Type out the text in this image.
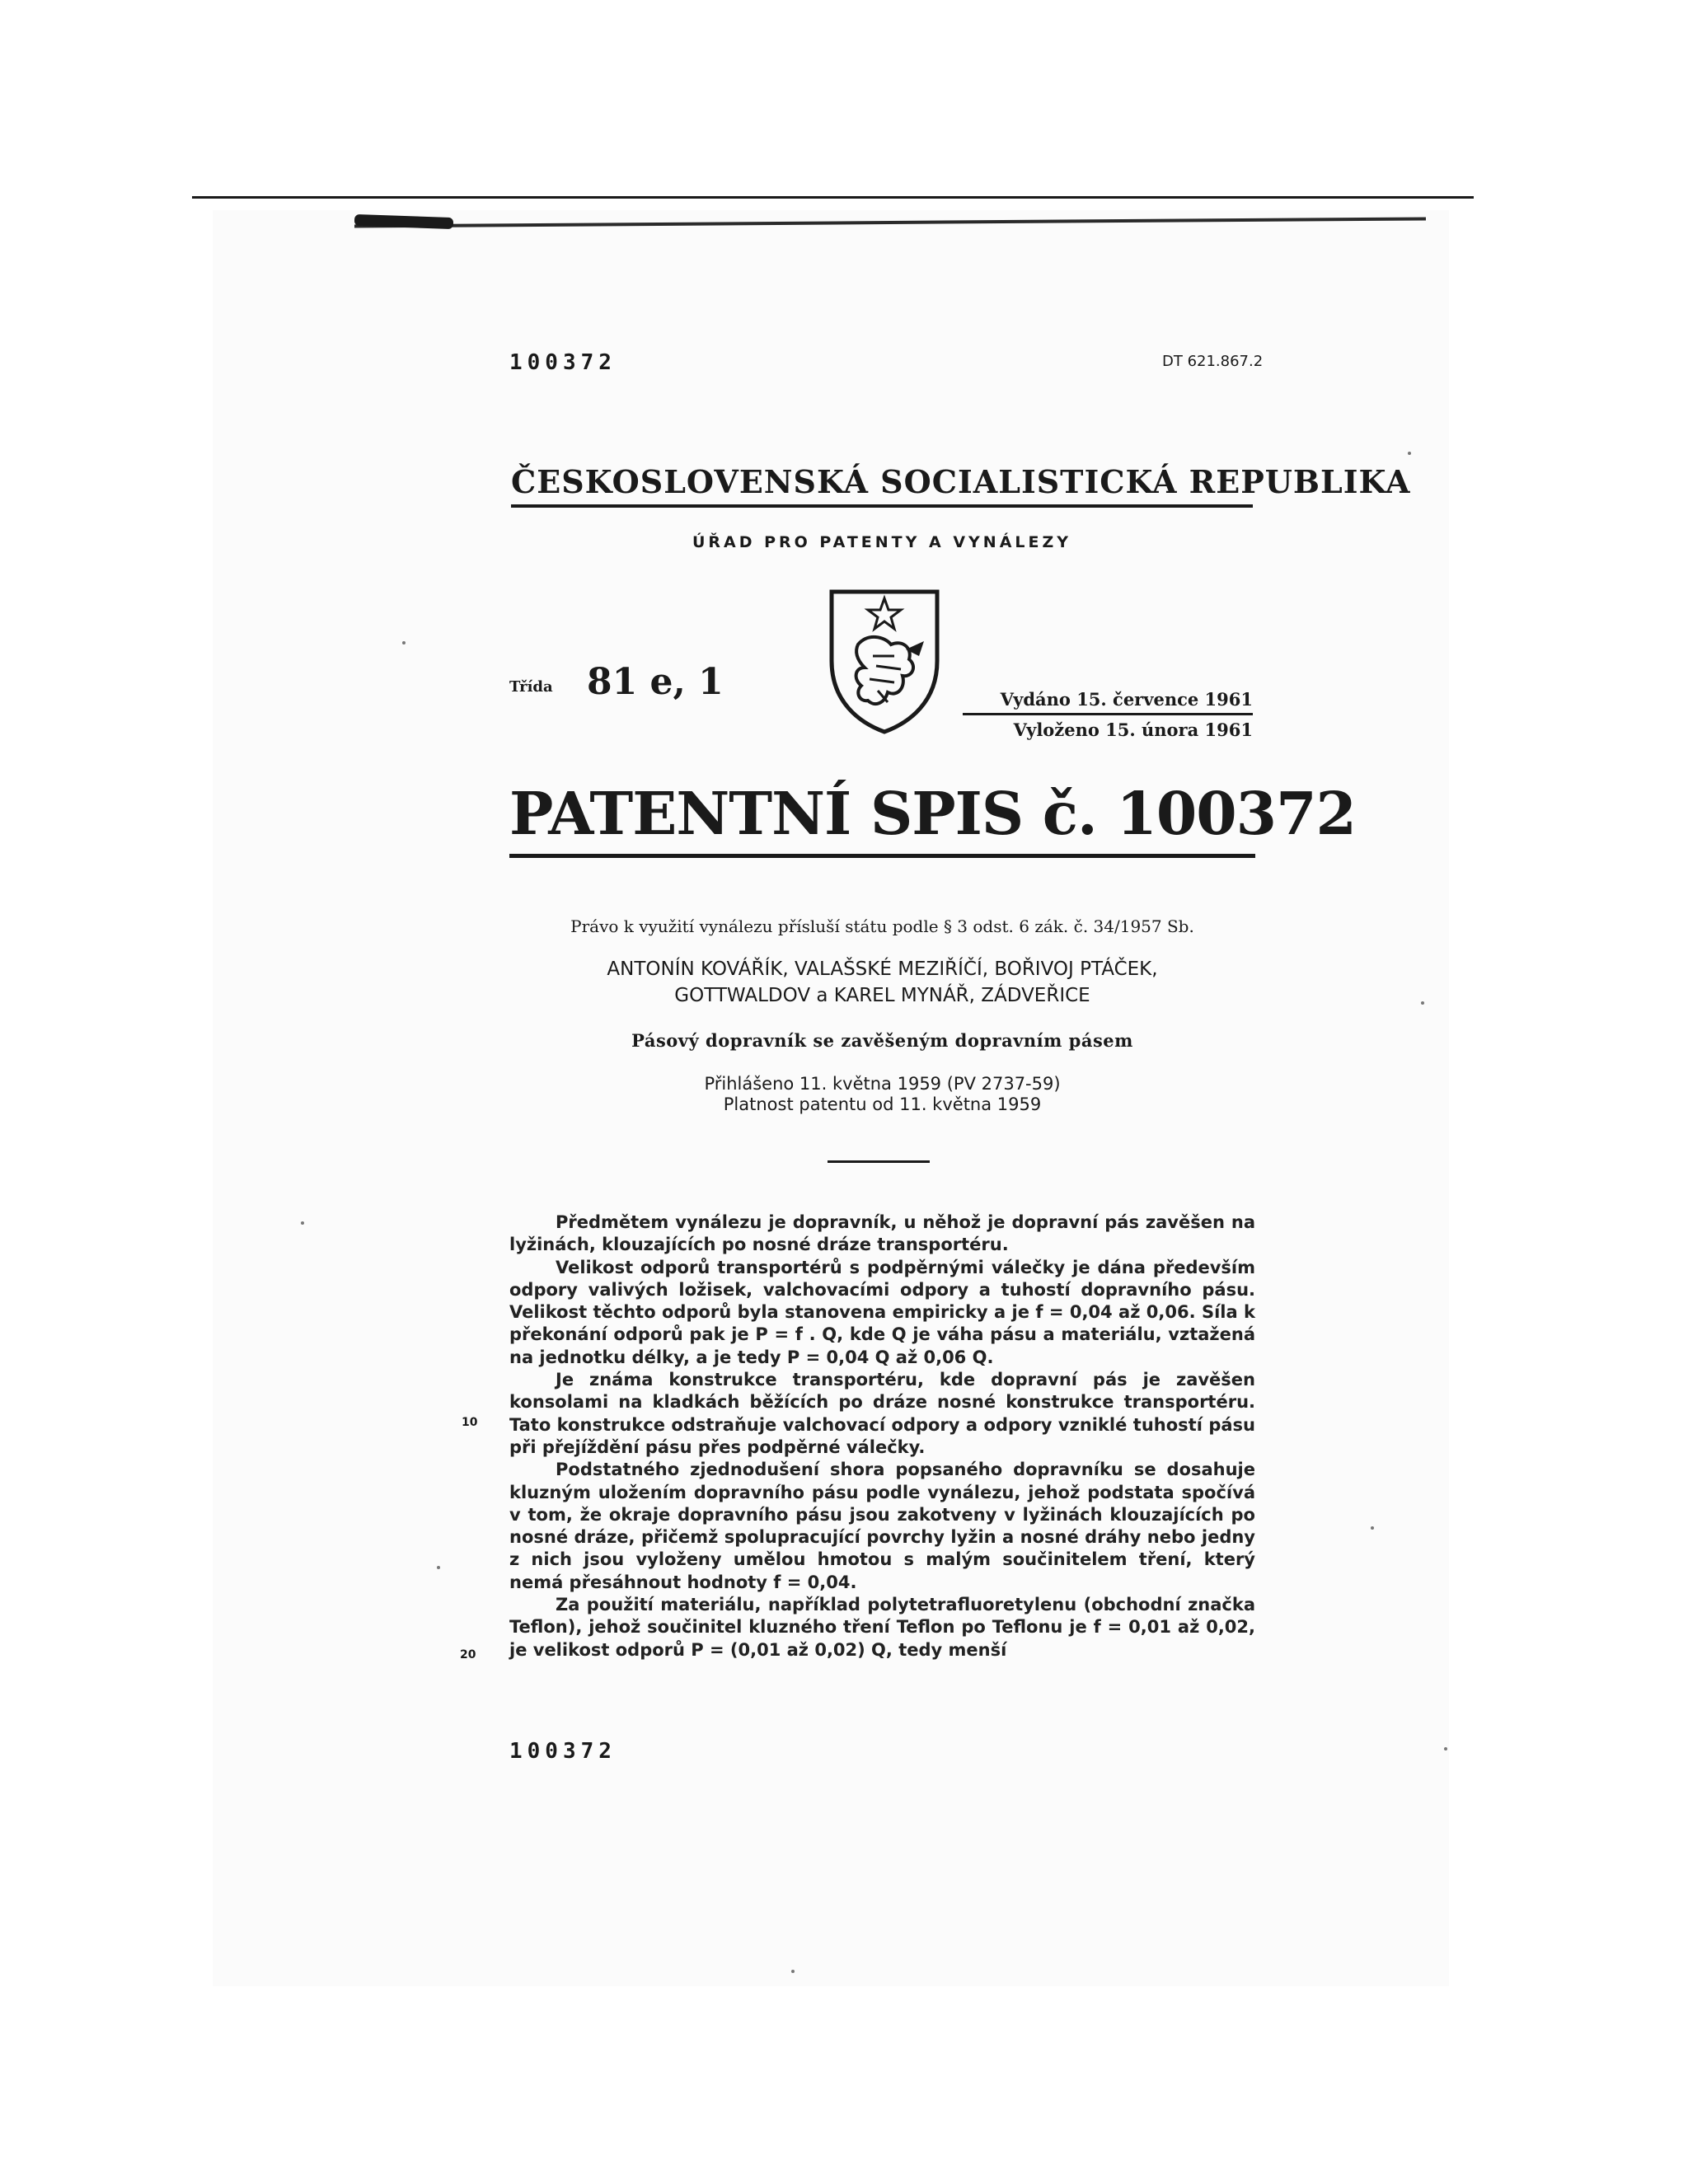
100372	DT 621.867.2
ČESKOSLOVENSKÁ SOCIALISTICKÁ REPUBLIKA
ÚŘAD PRO PATENTY A VYNÁLEZY
Třída 81 e, 1	Vydáno 15. července 1961
Vyloženo 15. února 1961
PATENTNÍ SPIS č. 100372
Právo k využití vynálezu přísluší státu podle § 3 odst. 6 zák. č. 34/1957 Sb.
ANTONÍN KOVÁŘÍK, VALAŠSKÉ MEZIŘÍČÍ, BOŘIVOJ PTÁČEK,
GOTTWALDOV a KAREL MYNÁŘ, ZÁDVEŘICE
Pásový dopravník se zavěšeným dopravním pásem
Přihlášeno 11. května 1959 (PV 2737-59)
Platnost patentu od 11. května 1959

Předmětem vynálezu je dopravník, u něhož je dopravní pás zavěšen na lyžinách, klouzajících po nosné dráze transportéru.

Velikost odporů transportérů s podpěrnými válečky je dána především odpory valivých ložisek, valchovacími odpory a tuhostí dopravního pásu. Velikost těchto odporů byla stanovena empiricky a je f = 0,04 až 0,06. Síla k překonání odporů pak je P = f . Q, kde Q je váha pásu a materiálu, vztažená na jednotku délky, a je tedy P = 0,04 Q až 0,06 Q.

Je známa konstrukce transportéru, kde dopravní pás je zavěšen konsolami na kladkách běžících po dráze nosné konstrukce transportéru. Tato konstrukce odstraňuje valchovací odpory a odpory vzniklé tuhostí pásu při přejíždění pásu přes podpěrné válečky.

Podstatného zjednodušení shora popsaného dopravníku se dosahuje kluzným uložením dopravního pásu podle vynálezu, jehož podstata spočívá v tom, že okraje dopravního pásu jsou zakotveny v lyžinách klouzajících po nosné dráze, přičemž spolupracující povrchy lyžin a nosné dráhy nebo jedny z nich jsou vyloženy umělou hmotou s malým součinitelem tření, který nemá přesáhnout hodnoty f = 0,04.

Za použití materiálu, například polytetrafluoretylenu (obchodní značka Teflon), jehož součinitel kluzného tření Teflon po Teflonu je f = 0,01 až 0,02, je velikost odporů P = (0,01 až 0,02) Q, tedy menší

10
20
100372
